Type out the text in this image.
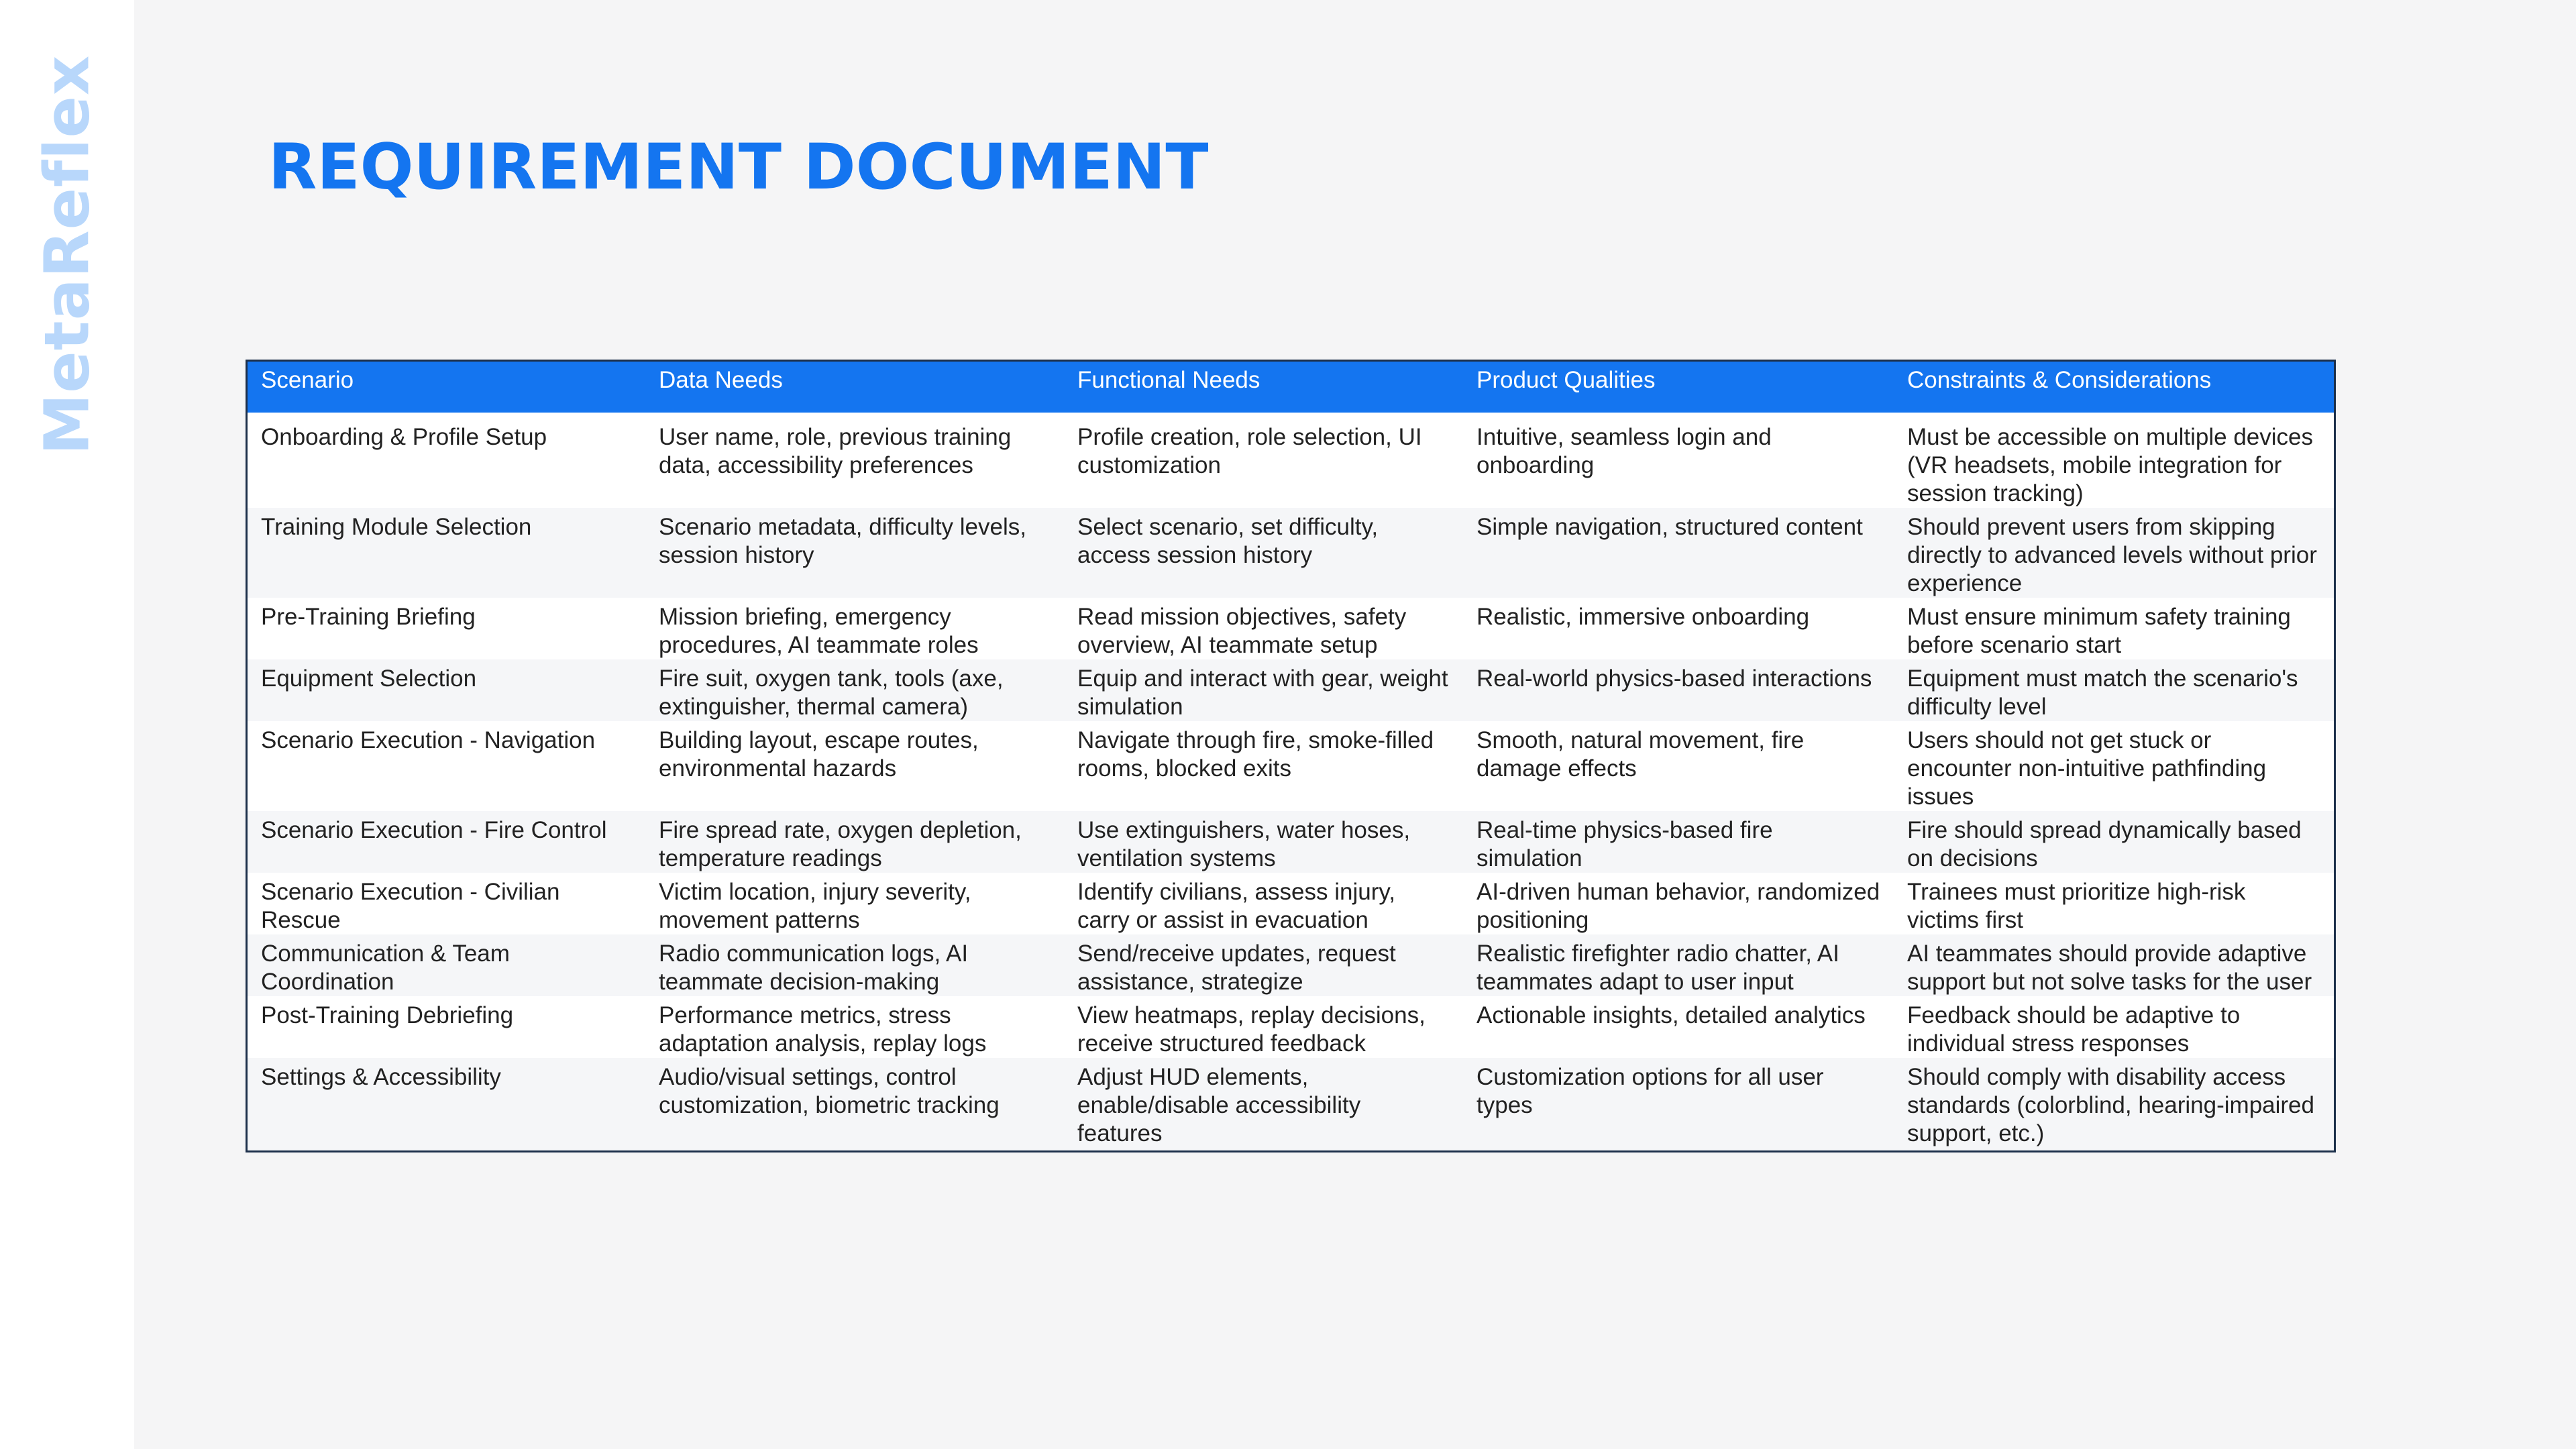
MetaReflex	REQUIREMENT DOCUMENT
Scenario	Data Needs	Functional Needs	Product Qualities	Constraints & Considerations
Onboarding & Profile Setup	User name, role, previous training data, accessibility preferences	Profile creation, role selection, UI customization	Intuitive, seamless login and onboarding	Must be accessible on multiple devices (VR headsets, mobile integration for session tracking)
Training Module Selection	Scenario metadata, difficulty levels, session history	Select scenario, set difficulty, access session history	Simple navigation, structured content	Should prevent users from skipping directly to advanced levels without prior experience
Pre-Training Briefing	Mission briefing, emergency procedures, AI teammate roles	Read mission objectives, safety overview, AI teammate setup	Realistic, immersive onboarding	Must ensure minimum safety training before scenario start
Equipment Selection	Fire suit, oxygen tank, tools (axe, extinguisher, thermal camera)	Equip and interact with gear, weight simulation	Real-world physics-based interactions	Equipment must match the scenario's difficulty level
Scenario Execution - Navigation	Building layout, escape routes, environmental hazards	Navigate through fire, smoke-filled rooms, blocked exits	Smooth, natural movement, fire damage effects	Users should not get stuck or encounter non-intuitive pathfinding issues
Scenario Execution - Fire Control	Fire spread rate, oxygen depletion, temperature readings	Use extinguishers, water hoses, ventilation systems	Real-time physics-based fire simulation	Fire should spread dynamically based on decisions
Scenario Execution - Civilian Rescue	Victim location, injury severity, movement patterns	Identify civilians, assess injury, carry or assist in evacuation	AI-driven human behavior, randomized positioning	Trainees must prioritize high-risk victims first
Communication & Team Coordination	Radio communication logs, AI teammate decision-making	Send/receive updates, request assistance, strategize	Realistic firefighter radio chatter, AI teammates adapt to user input	AI teammates should provide adaptive support but not solve tasks for the user
Post-Training Debriefing	Performance metrics, stress adaptation analysis, replay logs	View heatmaps, replay decisions, receive structured feedback	Actionable insights, detailed analytics	Feedback should be adaptive to individual stress responses
Settings & Accessibility	Audio/visual settings, control customization, biometric tracking	Adjust HUD elements, enable/disable accessibility features	Customization options for all user types	Should comply with disability access standards (colorblind, hearing-impaired support, etc.)
